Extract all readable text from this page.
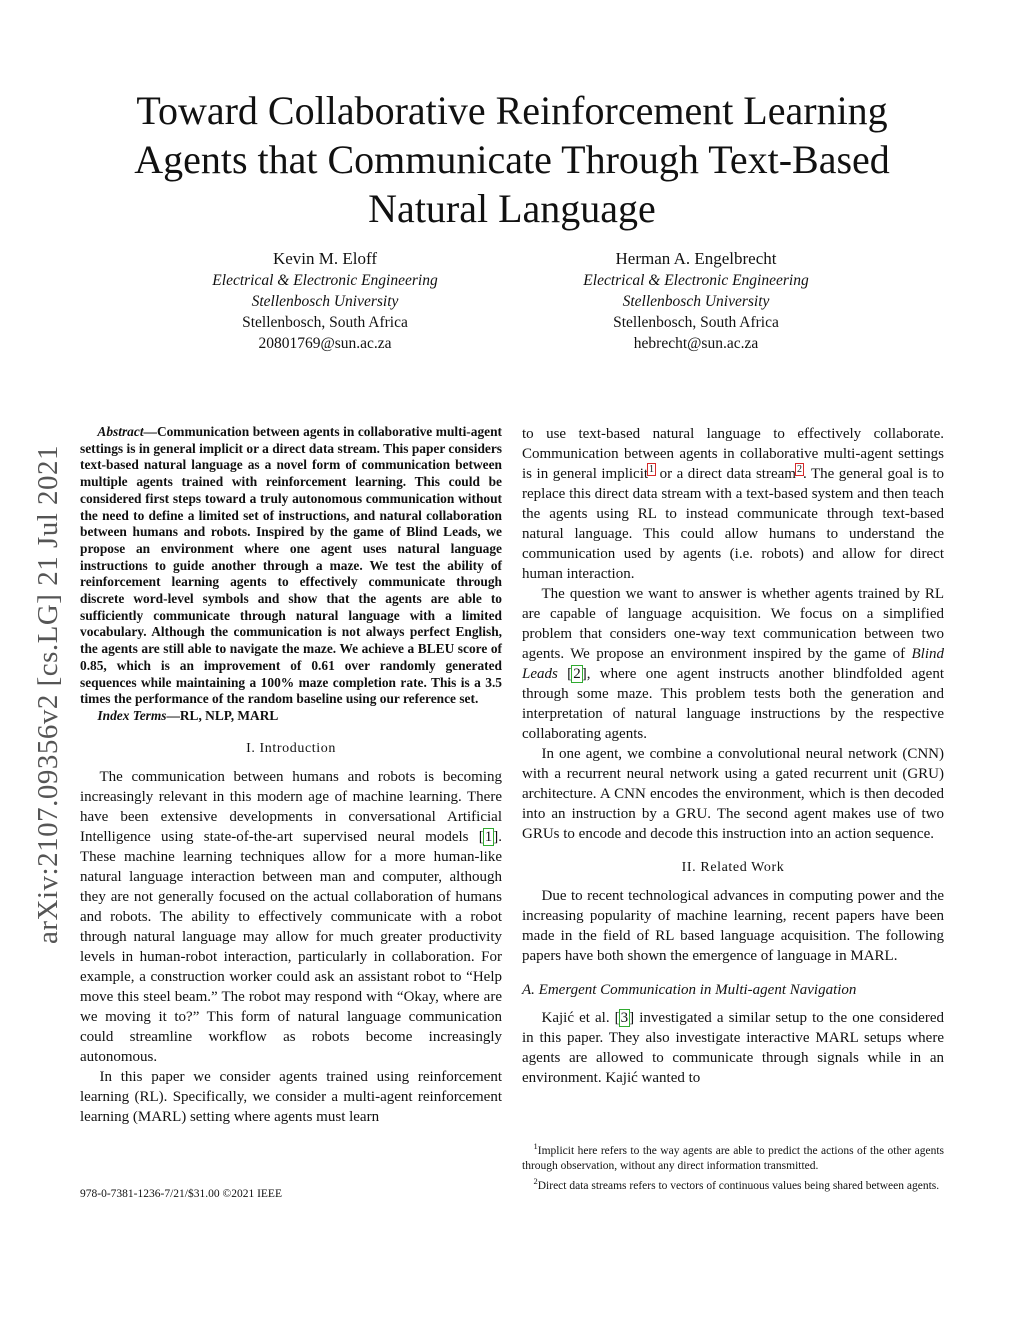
arXiv:2107.09356v2 [cs.LG] 21 Jul 2021
Toward Collaborative Reinforcement Learning
Agents that Communicate Through Text-Based
Natural Language
Kevin M. Eloff
Electrical & Electronic Engineering
Stellenbosch University
Stellenbosch, South Africa
20801769@sun.ac.za
Herman A. Engelbrecht
Electrical & Electronic Engineering
Stellenbosch University
Stellenbosch, South Africa
hebrecht@sun.ac.za

Abstract—Communication between agents in collaborative multi-agent settings is in general implicit or a direct data stream. This paper considers text-based natural language as a novel form of communication between multiple agents trained with reinforcement learning. This could be considered first steps toward a truly autonomous communication without the need to define a limited set of instructions, and natural collaboration between humans and robots. Inspired by the game of Blind Leads, we propose an environment where one agent uses natural language instructions to guide another through a maze. We test the ability of reinforcement learning agents to effectively communicate through discrete word-level symbols and show that the agents are able to sufficiently communicate through natural language with a limited vocabulary. Although the communication is not always perfect English, the agents are still able to navigate the maze. We achieve a BLEU score of 0.85, which is an improvement of 0.61 over randomly generated sequences while maintaining a 100% maze completion rate. This is a 3.5 times the performance of the random baseline using our reference set.

Index Terms—RL, NLP, MARL

I. Introduction

The communication between humans and robots is becoming increasingly relevant in this modern age of machine learning. There have been extensive developments in conversational Artificial Intelligence using state-of-the-art supervised neural models [1]. These machine learning techniques allow for a more human-like natural language interaction between man and computer, although they are not generally focused on the actual collaboration of humans and robots. The ability to effectively communicate with a robot through natural language may allow for much greater productivity levels in human-robot interaction, particularly in collaboration. For example, a construction worker could ask an assistant robot to “Help move this steel beam.” The robot may respond with “Okay, where are we moving it to?” This form of natural language communication could streamline workflow as robots become increasingly autonomous.

In this paper we consider agents trained using reinforcement learning (RL). Specifically, we consider a multi-agent reinforcement learning (MARL) setting where agents must learn

to use text-based natural language to effectively collaborate. Communication between agents in collaborative multi-agent settings is in general implicit$^1$ or a direct data stream$^2$. The general goal is to replace this direct data stream with a text-based system and then teach the agents using RL to instead communicate through text-based natural language. This could allow humans to understand the communication used by agents (i.e. robots) and allow for direct human interaction.

The question we want to answer is whether agents trained by RL are capable of language acquisition. We focus on a simplified problem that considers one-way text communication between two agents. We propose an environment inspired by the game of Blind Leads [2], where one agent instructs another blindfolded agent through some maze. This problem tests both the generation and interpretation of natural language instructions by the respective collaborating agents.

In one agent, we combine a convolutional neural network (CNN) with a recurrent neural network using a gated recurrent unit (GRU) architecture. A CNN encodes the environment, which is then decoded into an instruction by a GRU. The second agent makes use of two GRUs to encode and decode this instruction into an action sequence.

II. Related Work

Due to recent technological advances in computing power and the increasing popularity of machine learning, recent papers have been made in the field of RL based language acquisition. The following papers have both shown the emergence of language in MARL.

A. Emergent Communication in Multi-agent Navigation

Kajić et al. [3] investigated a similar setup to the one considered in this paper. They also investigate interactive MARL setups where agents are allowed to communicate through signals while in an environment. Kajić wanted to

$^1$Implicit here refers to the way agents are able to predict the actions of the other agents through observation, without any direct information transmitted.

$^2$Direct data streams refers to vectors of continuous values being shared between agents.

978-0-7381-1236-7/21/$31.00 ©2021 IEEE
